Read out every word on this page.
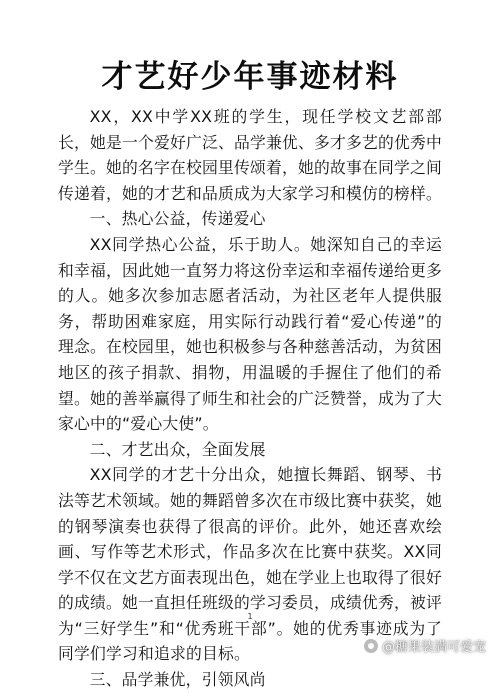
才艺好少年事迹材料

XX，XX中学XX班的学生，现任学校文艺部部长，她是一个爱好广泛、品学兼优、多才多艺的优秀中学生。她的名字在校园里传颂着，她的故事在同学之间传递着，她的才艺和品质成为大家学习和模仿的榜样。

一、热心公益，传递爱心

XX同学热心公益，乐于助人。她深知自己的幸运和幸福，因此她一直努力将这份幸运和幸福传递给更多的人。她多次参加志愿者活动，为社区老年人提供服务，帮助困难家庭，用实际行动践行着“爱心传递”的理念。在校园里，她也积极参与各种慈善活动，为贫困地区的孩子捐款、捐物，用温暖的手握住了他们的希望。她的善举赢得了师生和社会的广泛赞誉，成为了大家心中的“爱心大使”。

二、才艺出众，全面发展

XX同学的才艺十分出众，她擅长舞蹈、钢琴、书法等艺术领域。她的舞蹈曾多次在市级比赛中获奖，她的钢琴演奏也获得了很高的评价。此外，她还喜欢绘画、写作等艺术形式，作品多次在比赛中获奖。XX同学不仅在文艺方面表现出色，她在学业上也取得了很好的成绩。她一直担任班级的学习委员，成绩优秀，被评为“三好学生”和“优秀班干部”。她的优秀事迹成为了同学们学习和追求的目标。

三、品学兼优，引领风尚

1
@糖果装满可爱宠
